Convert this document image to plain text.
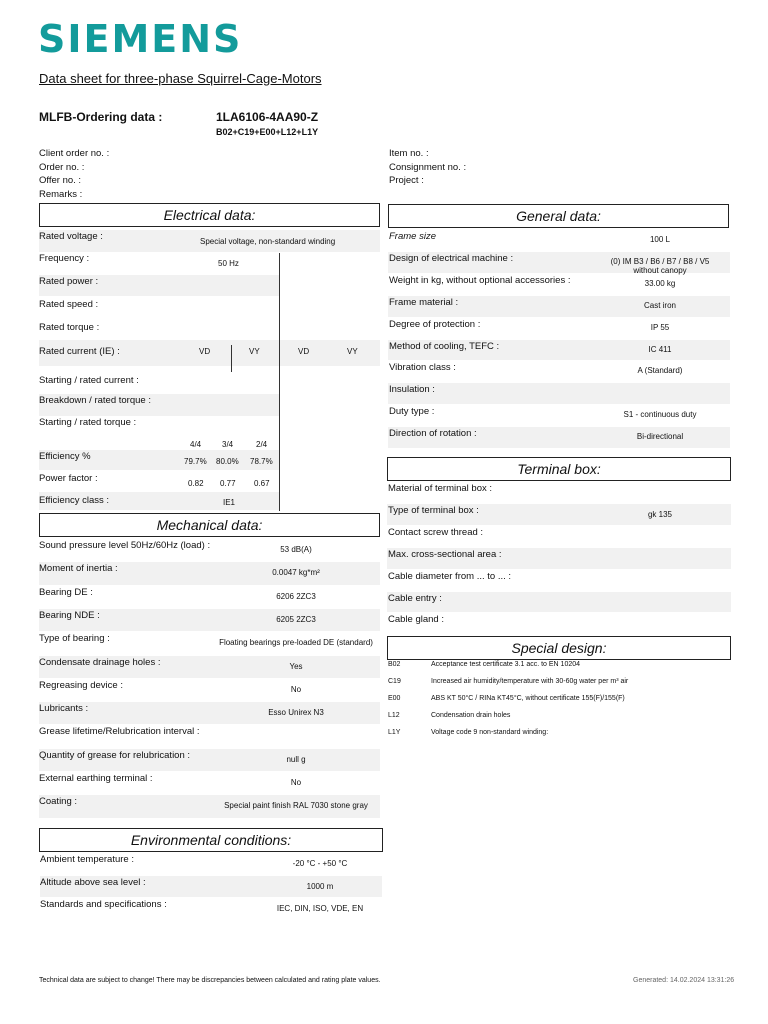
SIEMENS
Data sheet for three-phase Squirrel-Cage-Motors
MLFB-Ordering data :	1LA6106-4AA90-Z
B02+C19+E00+L12+L1Y
Client order no. :
Order no. :
Offer no. :
Remarks :
Item no. :
Consignment no. :
Project :
Electrical data:
Rated voltage :	Special voltage, non-standard winding
Frequency :	50 Hz
Rated power :
Rated speed :
Rated torque :
Rated current (IE) :	VD	VY	VD	VY
Starting / rated current :
Breakdown / rated torque :
Starting / rated torque :
4/4	3/4	2/4
Efficiency %	79.7% 80.0% 78.7%
Power factor :	0.82 0.77 0.67
Efficiency class :	IE1
Mechanical data:
Sound pressure level 50Hz/60Hz (load) :	53 dB(A)
Moment of inertia :	0.0047 kg*m²
Bearing DE :	6206 2ZC3
Bearing NDE :	6205 2ZC3
Type of bearing :	Floating bearings pre-loaded DE (standard)
Condensate drainage holes :	Yes
Regreasing device :	No
Lubricants :	Esso Unirex N3
Grease lifetime/Relubrication interval :
Quantity of grease for relubrication :	null g
External earthing terminal :	No
Coating :	Special paint finish RAL 7030 stone gray
Environmental conditions:
Ambient temperature :	-20 °C - +50 °C
Altitude above sea level :	1000 m
Standards and specifications :	IEC, DIN, ISO, VDE, EN
General data:
Frame size	100 L
Design of electrical machine :	(0) IM B3 / B6 / B7 / B8 / V5
without canopy
Weight in kg, without optional accessories :	33.00 kg
Frame material :	Cast iron
Degree of protection :	IP 55
Method of cooling, TEFC :	IC 411
Vibration class :	A (Standard)
Insulation :
Duty type :	S1 - continuous duty
Direction of rotation :	Bi-directional
Terminal box:
Material of terminal box :
Type of terminal box :	gk 135
Contact screw thread :
Max. cross-sectional area :
Cable diameter from ... to ... :
Cable entry :
Cable gland :
Special design:
B02	Acceptance test certificate 3.1 acc. to EN 10204
C19	Increased air humidity/temperature with 30-60g water per m³ air
E00	ABS KT 50°C / RINa KT45°C, without certificate 155(F)/155(F)
L12	Condensation drain holes
L1Y	Voltage code 9 non-standard winding:
Technical data are subject to change! There may be discrepancies between calculated and rating plate values.	Generated: 14.02.2024 13:31:26
